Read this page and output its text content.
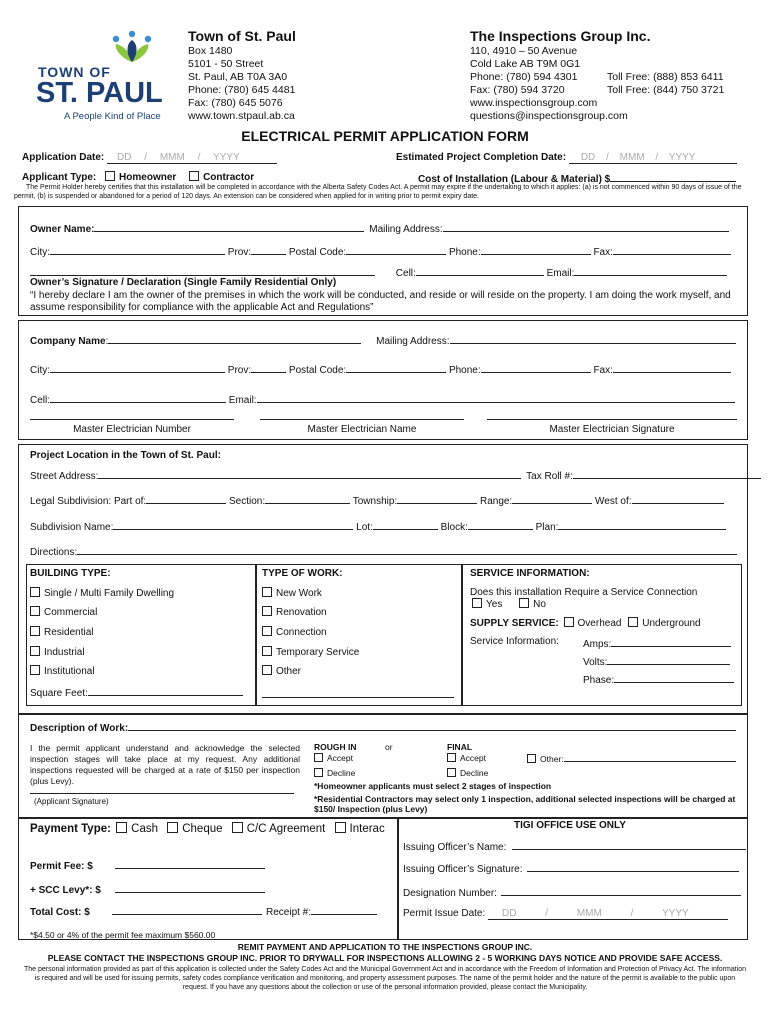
TOWN OF
ST. PAUL
A People Kind of Place
Town of St. Paul
Box 1480
5101 - 50 Street
St. Paul, AB T0A 3A0
Phone: (780) 645 4481
Fax: (780) 645 5076
www.town.stpaul.ab.ca
The Inspections Group Inc.
110, 4910 – 50 Avenue
Cold Lake AB T9M 0G1
Phone: (780) 594 4301	Toll Free: (888) 853 6411
Fax: (780) 594 3720	Toll Free: (844) 750 3721
www.inspectionsgroup.com
questions@inspectionsgroup.com
ELECTRICAL PERMIT APPLICATION FORM
Application Date: DD / MMM / YYYY	Estimated Project Completion Date: DD / MMM / YYYY
Applicant Type: Homeowner	Contractor	Cost of Installation (Labour & Material) $
The Permit Holder hereby certifies that this installation will be completed in accordance with the Alberta Safety Codes Act. A permit may expire if the undertaking to which it applies: (a) is not commenced within 90 days of issue of the permit, (b) is suspended or abandoned for a period of 120 days. An extension can be considered when applied for in writing prior to permit expiry date.
Owner Name:	Mailing Address:
City:	Prov:	Postal Code:	Phone:	Fax:
Cell:	Email:
Owner’s Signature / Declaration (Single Family Residential Only)
“I hereby declare I am the owner of the premises in which the work will be conducted, and reside or will reside on the property. I am doing the work myself, and assume responsibility for compliance with the applicable Act and Regulations”
Company Name:	Mailing Address:
City:	Prov:	Postal Code:	Phone:	Fax:
Cell:	Email:
Master Electrician Number	Master Electrician Name	Master Electrician Signature
Project Location in the Town of St. Paul:
Street Address:	Tax Roll #:
Legal Subdivision: Part of:	Section:	Township:	Range:	West of:
Subdivision Name:	Lot:	Block:	Plan:
Directions:
BUILDING TYPE:
Single / Multi Family Dwelling
Commercial
Residential
Industrial
Institutional
Square Feet:
TYPE OF WORK:
New Work
Renovation
Connection
Temporary Service
Other
SERVICE INFORMATION:
Does this installation Require a Service Connection
Yes	No
SUPPLY SERVICE: Overhead Underground
Service Information: Amps:
Volts:
Phase:
Description of Work:
I the permit applicant understand and acknowledge the selected inspection stages will take place at my request. Any additional inspections requested will be charged at a rate of $150 per inspection (plus Levy).
(Applicant Signature)
ROUGH IN	or	FINAL
Accept	Accept	Other:
Decline	Decline
*Homeowner applicants must select 2 stages of inspection
*Residential Contractors may select only 1 inspection, additional selected inspections will be charged at $150/ Inspection (plus Levy)
Payment Type: Cash Cheque C/C Agreement Interac
Permit Fee: $
+ SCC Levy*: $
Total Cost: $	Receipt #:
*$4.50 or 4% of the permit fee maximum $560.00
TIGI OFFICE USE ONLY
Issuing Officer’s Name:
Issuing Officer’s Signature:
Designation Number:
Permit Issue Date: DD	/	MMM	/	YYYY
REMIT PAYMENT AND APPLICATION TO THE INSPECTIONS GROUP INC.
PLEASE CONTACT THE INSPECTIONS GROUP INC. PRIOR TO DRYWALL FOR INSPECTIONS ALLOWING 2 - 5 WORKING DAYS NOTICE AND PROVIDE SAFE ACCESS.
The personal information provided as part of this application is collected under the Safety Codes Act and the Municipal Government Act and in accordance with the Freedom of Information and Protection of Privacy Act. The information is required and will be used for issuing permits, safety codes compliance verification and monitoring, and property assessment purposes. The name of the permit holder and the nature of the permit is available to the public upon request. If you have any questions about the collection or use of the personal information provided, please contact the Municipality.
